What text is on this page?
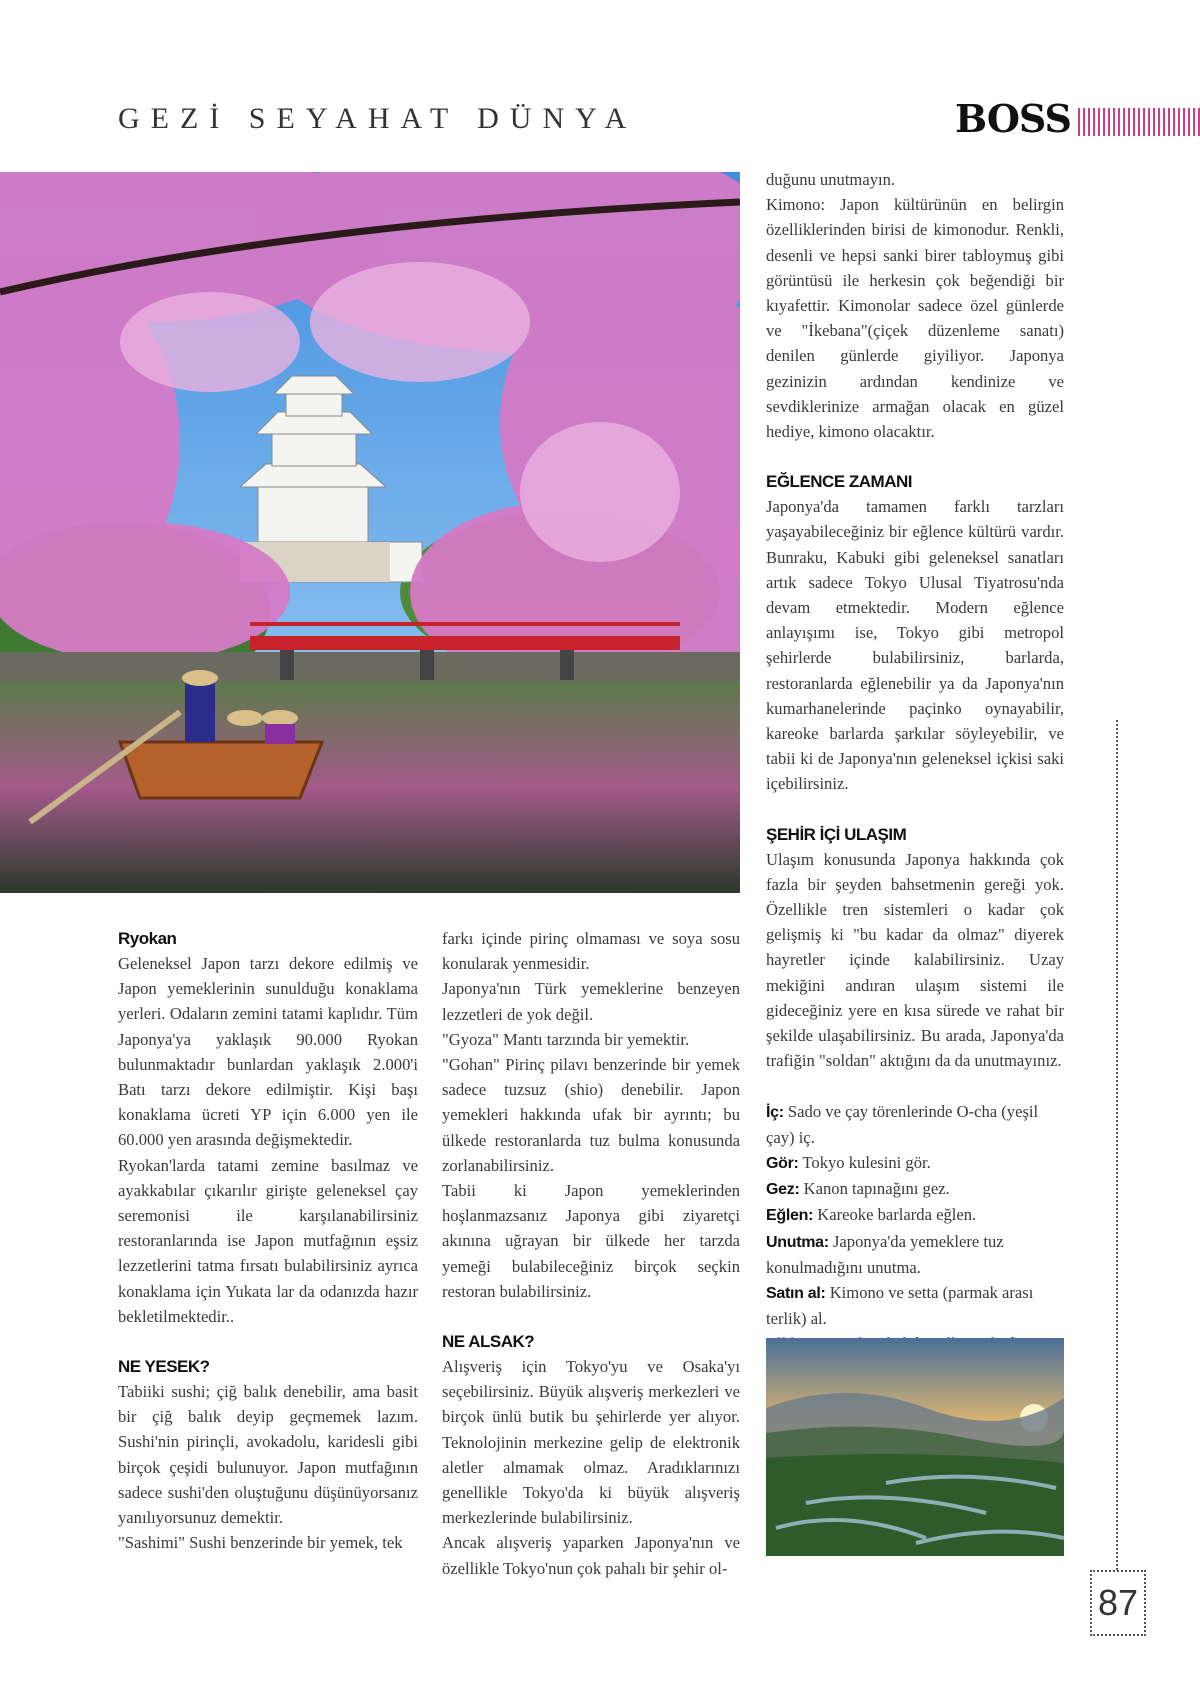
GEZİ SEYAHAT DÜNYA	BOSS
Ryokan

Geleneksel Japon tarzı dekore edilmiş ve Japon yemeklerinin sunulduğu konaklama yerleri. Odaların zemini tatami kaplıdır. Tüm Japonya'ya yaklaşık 90.000 Ryokan bulunmaktadır bunlardan yaklaşık 2.000'i Batı tarzı dekore edilmiştir. Kişi başı konaklama ücreti YP için 6.000 yen ile 60.000 yen arasında değişmektedir.

Ryokan'larda tatami zemine basılmaz ve ayakkabılar çıkarılır girişte geleneksel çay seremonisi ile karşılanabilirsiniz restoranlarında ise Japon mutfağının eşsiz lezzetlerini tatma fırsatı bulabilirsiniz ayrıca konaklama için Yukata lar da odanızda hazır bekletilmektedir..

NE YESEK?

Tabiiki sushi; çiğ balık denebilir, ama basit bir çiğ balık deyip geçmemek lazım. Sushi'nin pirinçli, avokadolu, karidesli gibi birçok çeşidi bulunuyor. Japon mutfağının sadece sushi'den oluştuğunu düşünüyorsanız yanılıyorsunuz demektir.

"Sashimi" Sushi benzerinde bir yemek, tek

farkı içinde pirinç olmaması ve soya sosu konularak yenmesidir.

Japonya'nın Türk yemeklerine benzeyen lezzetleri de yok değil.

"Gyoza" Mantı tarzında bir yemektir.

"Gohan" Pirinç pilavı benzerinde bir yemek sadece tuzsuz (shio) denebilir. Japon yemekleri hakkında ufak bir ayrıntı; bu ülkede restoranlarda tuz bulma konusunda zorlanabilirsiniz.

Tabii ki Japon yemeklerinden hoşlanmazsanız Japonya gibi ziyaretçi akınına uğrayan bir ülkede her tarzda yemeği bulabileceğiniz birçok seçkin restoran bulabilirsiniz.

NE ALSAK?

Alışveriş için Tokyo'yu ve Osaka'yı seçebilirsiniz. Büyük alışveriş merkezleri ve birçok ünlü butik bu şehirlerde yer alıyor. Teknolojinin merkezine gelip de elektronik aletler almamak olmaz. Aradıklarınızı genellikle Tokyo'da ki büyük alışveriş merkezlerinde bulabilirsiniz.

Ancak alışveriş yaparken Japonya'nın ve özellikle Tokyo'nun çok pahalı bir şehir ol-

duğunu unutmayın.

Kimono: Japon kültürünün en belirgin özelliklerinden birisi de kimonodur. Renkli, desenli ve hepsi sanki birer tabloymuş gibi görüntüsü ile herkesin çok beğendiği bir kıyafettir. Kimonolar sadece özel günlerde ve "İkebana"(çiçek düzenleme sanatı) denilen günlerde giyiliyor. Japonya gezinizin ardından kendinize ve sevdiklerinize armağan olacak en güzel hediye, kimono olacaktır.

EĞLENCE ZAMANI

Japonya'da tamamen farklı tarzları yaşayabileceğiniz bir eğlence kültürü vardır. Bunraku, Kabuki gibi geleneksel sanatları artık sadece Tokyo Ulusal Tiyatrosu'nda devam etmektedir. Modern eğlence anlayışımı ise, Tokyo gibi metropol şehirlerde bulabilirsiniz, barlarda, restoranlarda eğlenebilir ya da Japonya'nın kumarhanelerinde paçinko oynayabilir, kareoke barlarda şarkılar söyleyebilir, ve tabii ki de Japonya'nın geleneksel içkisi saki içebilirsiniz.

ŞEHİR İÇİ ULAŞIM

Ulaşım konusunda Japonya hakkında çok fazla bir şeyden bahsetmenin gereği yok. Özellikle tren sistemleri o kadar çok gelişmiş ki "bu kadar da olmaz" diyerek hayretler içinde kalabilirsiniz. Uzay mekiğini andıran ulaşım sistemi ile gideceğiniz yere en kısa sürede ve rahat bir şekilde ulaşabilirsiniz. Bu arada, Japonya'da trafiğin "soldan" aktığını da da unutmayınız.

İç: Sado ve çay törenlerinde O-cha (yeşil çay) iç.

Gör: Tokyo kulesini gör.

Gez: Kanon tapınağını gez.

Eğlen: Kareoke barlarda eğlen.

Unutma: Japonya'da yemeklere tuz konulmadığını unutma.

Satın al: Kimono ve setta (parmak arası terlik) al.

87
